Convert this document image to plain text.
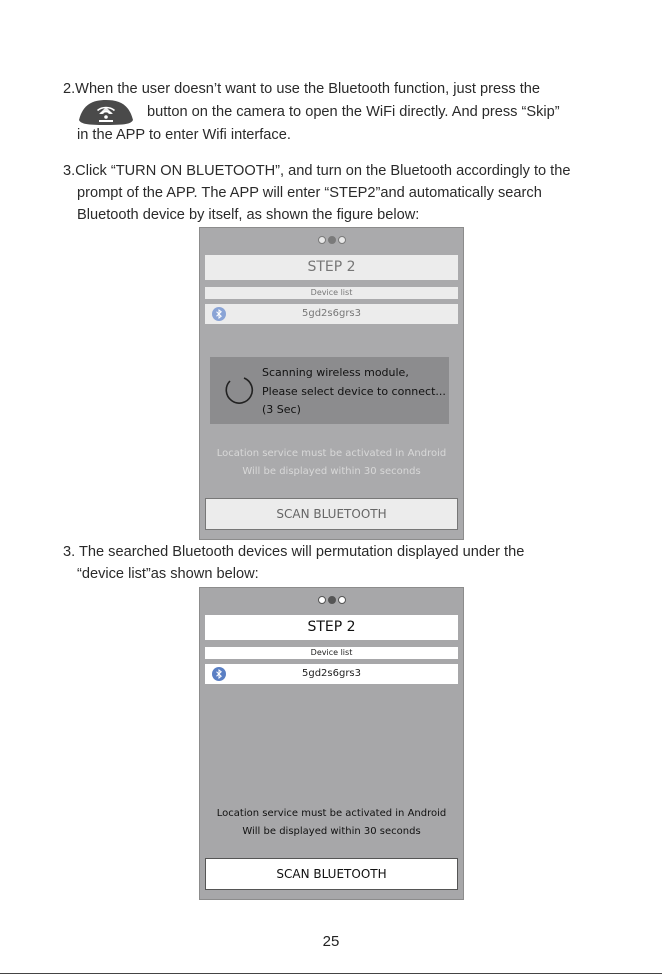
2.When the user doesn’t want to use the Bluetooth function, just press the
button on the camera to open the WiFi directly. And press “Skip”
in the APP to enter Wifi interface.
3.Click “TURN ON BLUETOOTH”, and turn on the Bluetooth accordingly to the
prompt of the APP. The APP will enter “STEP2”and automatically search
Bluetooth device by itself, as shown the figure below:
STEP 2
Device list
5gd2s6grs3
Scanning wireless module,
Please select device to connect...
(3 Sec)
Location service must be activated in Android
Will be displayed within 30 seconds
SCAN BLUETOOTH
3. The searched Bluetooth devices will permutation displayed under the
“device list”as shown below:
STEP 2
Device list
5gd2s6grs3
Location service must be activated in Android
Will be displayed within 30 seconds
SCAN BLUETOOTH
25
